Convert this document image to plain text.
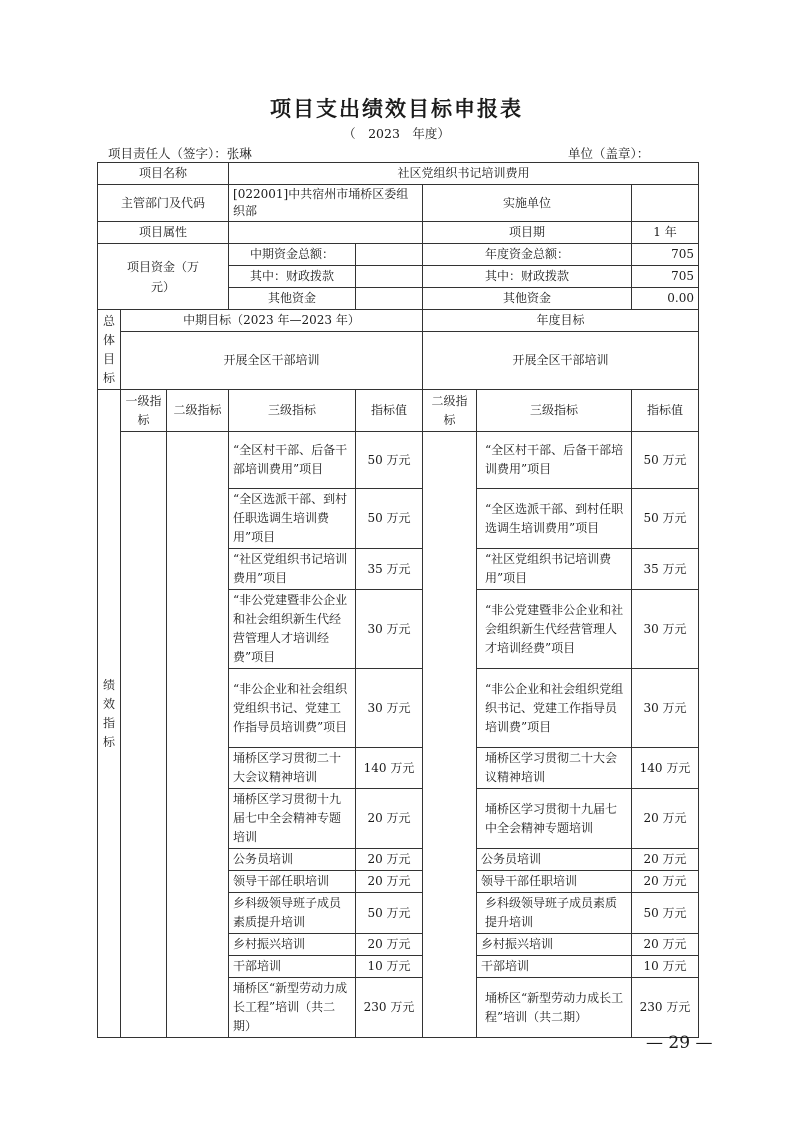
项目支出绩效目标申报表
（　2023　年度）
项目责任人（签字）：张琳	单位（盖章）：
项目名称			社区党组织书记培训费用				
主管部门及代码			[022001]中共宿州市埇桥区委组织部		实施单位		
项目属性					项目期		1 年
项目资金（万元）			中期资金总额：		年度资金总额：		705
			其中：财政拨款		其中：财政拨款		705
			其他资金		其他资金		0.00
总体目标	中期目标（2023 年—2023 年）				年度目标		
	开展全区干部培训				开展全区干部培训		
绩效指标	一级指标	二级指标	三级指标	指标值	二级指标	三级指标	指标值
			“全区村干部、后备干部培训费用”项目	50 万元		“全区村干部、后备干部培训费用”项目	50 万元
			“全区选派干部、到村任职选调生培训费用”项目	50 万元		“全区选派干部、到村任职选调生培训费用”项目	50 万元
			“社区党组织书记培训费用”项目	35 万元		“社区党组织书记培训费用”项目	35 万元
			“非公党建暨非公企业和社会组织新生代经营管理人才培训经费”项目	30 万元		“非公党建暨非公企业和社会组织新生代经营管理人才培训经费”项目	30 万元
			“非公企业和社会组织党组织书记、党建工作指导员培训费”项目	30 万元		“非公企业和社会组织党组织书记、党建工作指导员培训费”项目	30 万元
			埇桥区学习贯彻二十大会议精神培训	140 万元		埇桥区学习贯彻二十大会议精神培训	140 万元
			埇桥区学习贯彻十九届七中全会精神专题培训	20 万元		埇桥区学习贯彻十九届七中全会精神专题培训	20 万元
			公务员培训	20 万元		公务员培训	20 万元
			领导干部任职培训	20 万元		领导干部任职培训	20 万元
			乡科级领导班子成员素质提升培训	50 万元		乡科级领导班子成员素质提升培训	50 万元
			乡村振兴培训	20 万元		乡村振兴培训	20 万元
			干部培训	10 万元		干部培训	10 万元
			埇桥区“新型劳动力成长工程”培训（共二期）	230 万元		埇桥区“新型劳动力成长工程”培训（共二期）	230 万元
— 29 —
